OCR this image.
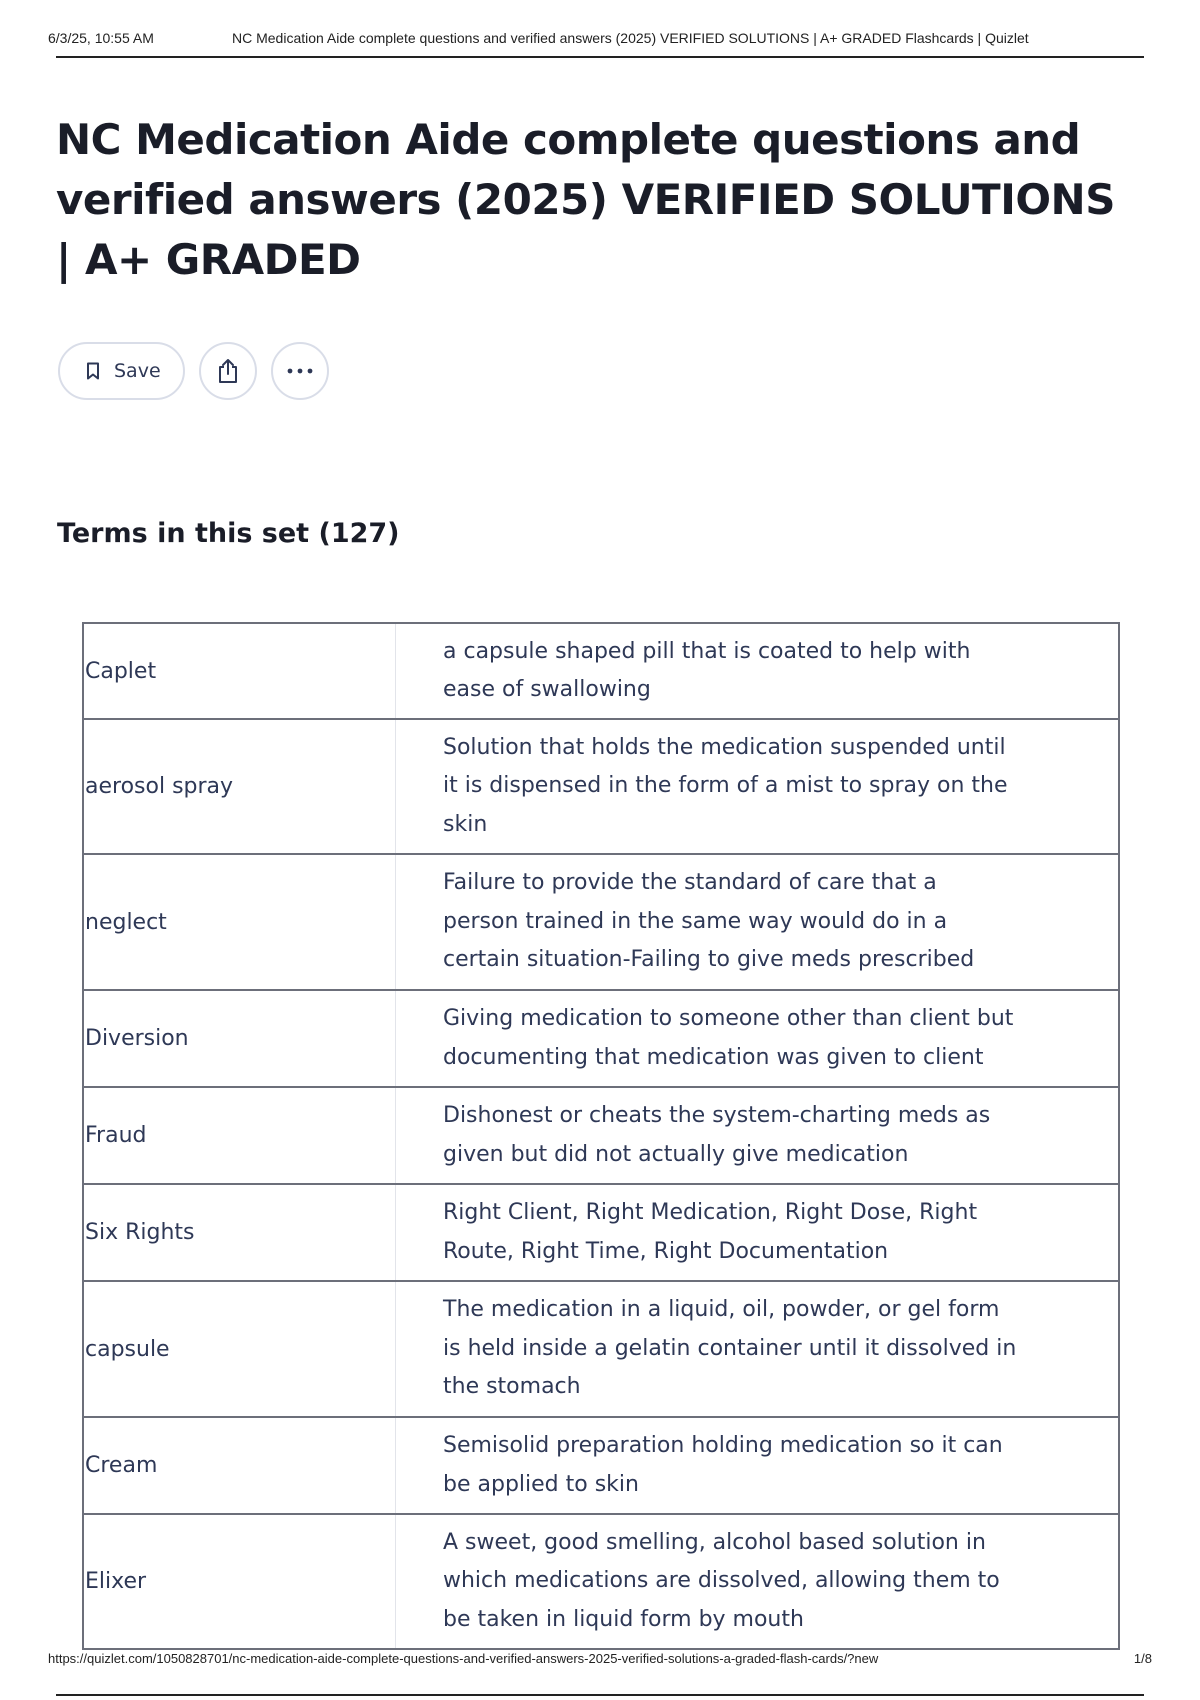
6/3/25, 10:55 AM	NC Medication Aide complete questions and verified answers (2025) VERIFIED SOLUTIONS | A+ GRADED Flashcards | Quizlet
NC Medication Aide complete questions and verified answers (2025) VERIFIED SOLUTIONS | A+ GRADED
Save
Terms in this set (127)
Caplet	a capsule shaped pill that is coated to help with ease of swallowing

aerosol spray	Solution that holds the medication suspended until it is dispensed in the form of a mist to spray on the skin

neglect	Failure to provide the standard of care that a person trained in the same way would do in a certain situation-Failing to give meds prescribed

Diversion	Giving medication to someone other than client but documenting that medication was given to client

Fraud	Dishonest or cheats the system-charting meds as given but did not actually give medication

Six Rights	Right Client, Right Medication, Right Dose, Right Route, Right Time, Right Documentation

capsule	The medication in a liquid, oil, powder, or gel form is held inside a gelatin container until it dissolved in the stomach

Cream	Semisolid preparation holding medication so it can be applied to skin

Elixer	A sweet, good smelling, alcohol based solution in which medications are dissolved, allowing them to be taken in liquid form by mouth
https://quizlet.com/1050828701/nc-medication-aide-complete-questions-and-verified-answers-2025-verified-solutions-a-graded-flash-cards/?new	1/8
